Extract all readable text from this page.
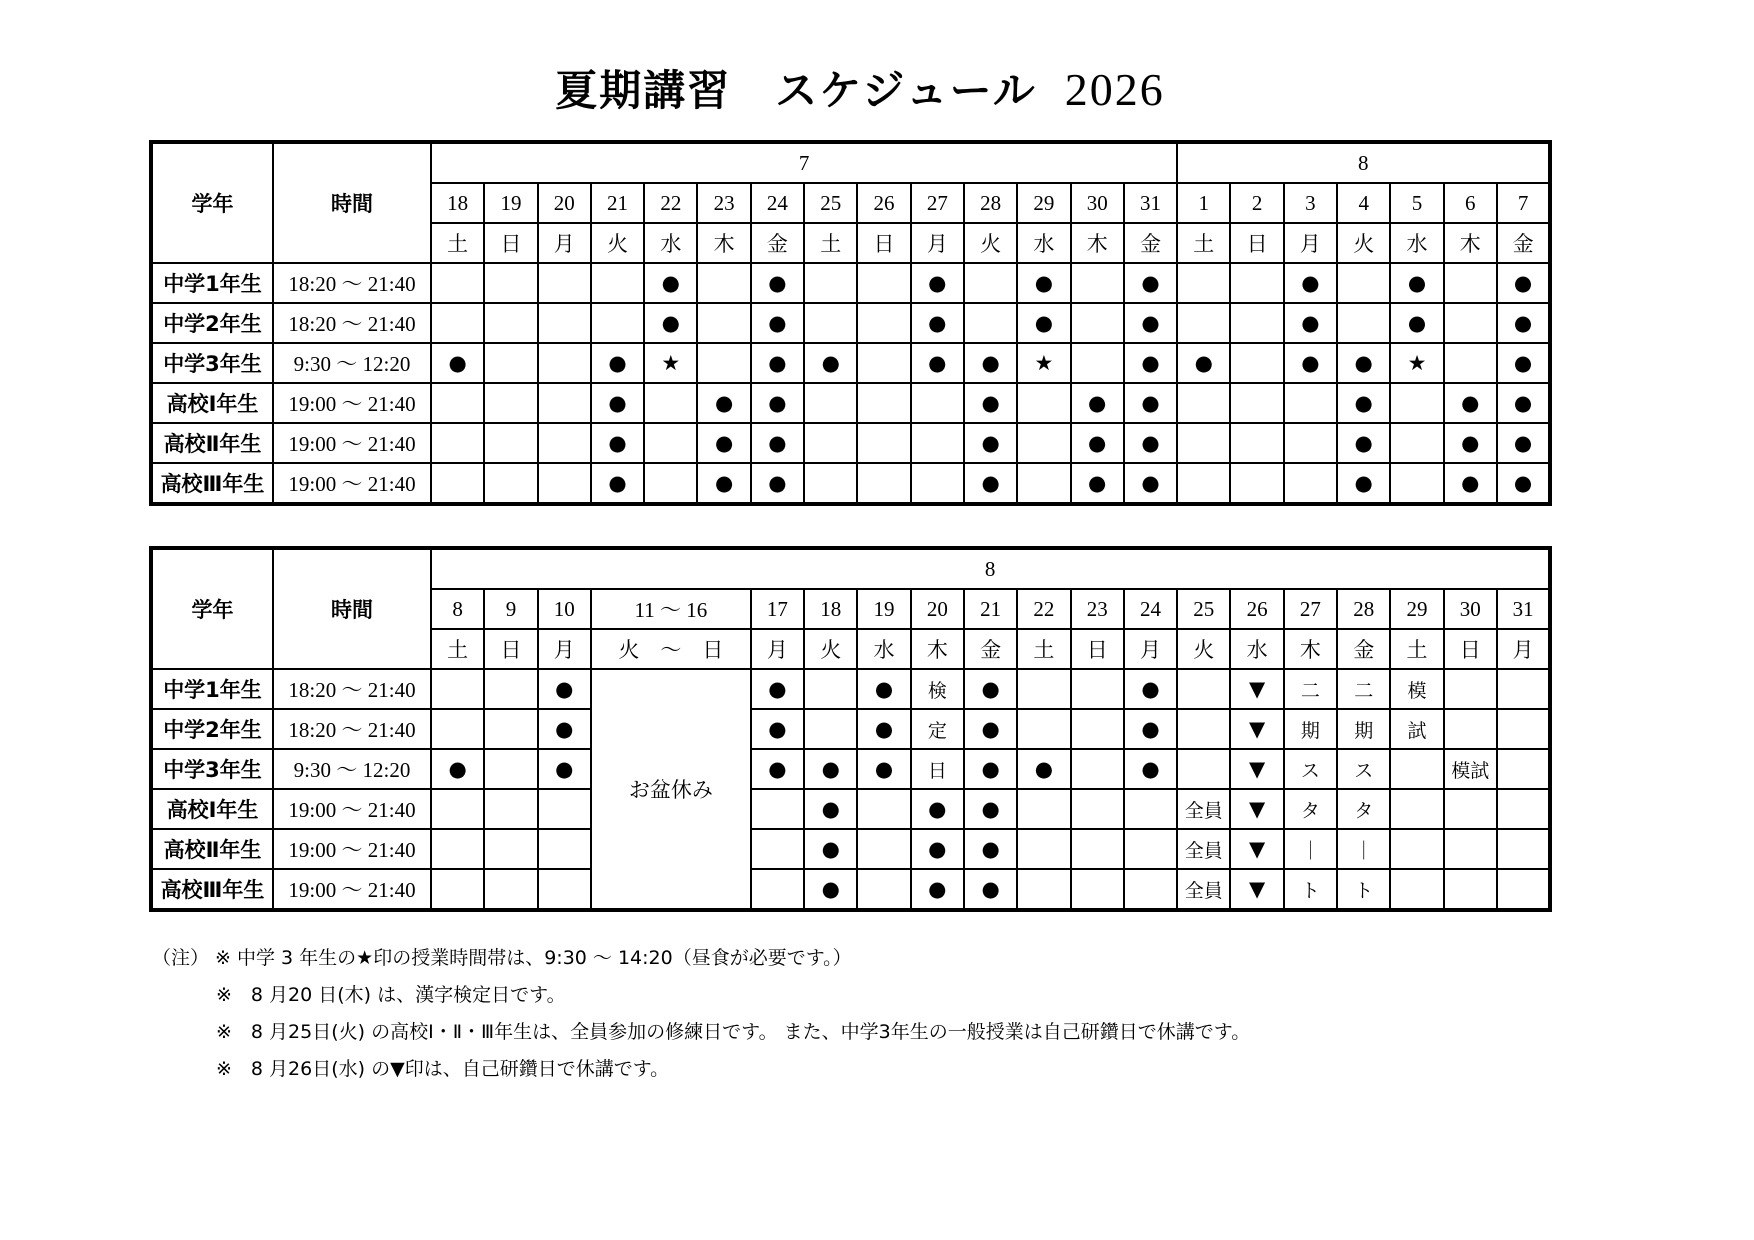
夏期講習　スケジュール 2026
学年	時間	7														8						
		18	19	20	21	22	23	24	25	26	27	28	29	30	31	1	2	3	4	5	6	7
		土	日	月	火	水	木	金	土	日	月	火	水	木	金	土	日	月	火	水	木	金
中学1年生	18:20 〜 21:40					●		●			●		●		●			●		●		●
中学2年生	18:20 〜 21:40					●		●			●		●		●			●		●		●
中学3年生	9:30 〜 12:20	●			●	★		●	●		●	●	★		●	●		●	●	★		●
高校Ⅰ年生	19:00 〜 21:40				●		●	●				●		●	●				●		●	●
高校Ⅱ年生	19:00 〜 21:40				●		●	●				●		●	●				●		●	●
高校Ⅲ年生	19:00 〜 21:40				●		●	●				●		●	●				●		●	●
学年	時間	8																		
		8	9	10	11 〜 16	17	18	19	20	21	22	23	24	25	26	27	28	29	30	31
		土	日	月	火　〜　日	月	火	水	木	金	土	日	月	火	水	木	金	土	日	月
中学1年生	18:20 〜 21:40			●	お盆休み	●		●	検	●			●		▼	二	二	模		
中学2年生	18:20 〜 21:40			●		●		●	定	●			●		▼	期	期	試		
中学3年生	9:30 〜 12:20	●		●		●	●	●	日	●	●		●		▼	ス	ス		模試	
高校Ⅰ年生	19:00 〜 21:40						●		●	●				全員	▼	タ	タ			
高校Ⅱ年生	19:00 〜 21:40						●		●	●				全員	▼	｜	｜			
高校Ⅲ年生	19:00 〜 21:40						●		●	●				全員	▼	ト	ト			
（注） ※ 中学 3 年生の★印の授業時間帯は、9:30 〜 14:20（昼食が必要です。）
※　8 月20 日(木) は、漢字検定日です。
※　8 月25日(火) の高校Ⅰ・Ⅱ・Ⅲ年生は、全員参加の修練日です。 また、中学3年生の一般授業は自己研鑽日で休講です。
※　8 月26日(水) の▼印は、自己研鑽日で休講です。
